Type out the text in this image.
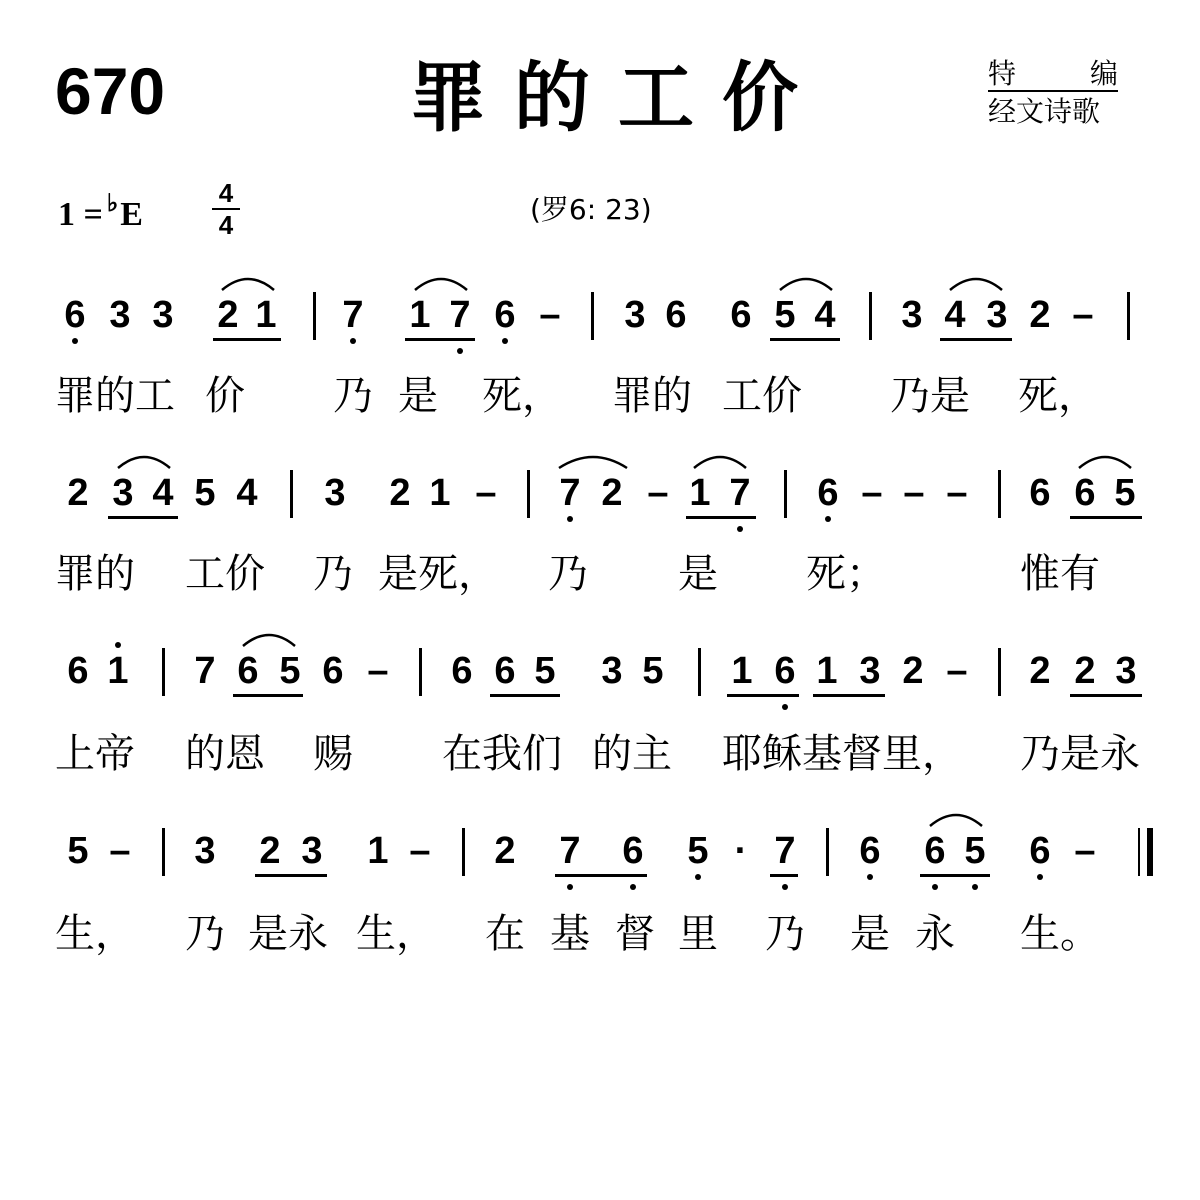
670	罪的工价	特	编
经文诗歌
1 = ♭E	$\frac{4}{4}$	(罗6: 23)
6 3 3 2 1 7 1 7 6 – 3 6 6 5 4 3 4 3 2 –
罪的工 价 乃 是 死， 罪的 工价 乃是 死，
2 3 4 5 4 3 2 1 – 7 2 – 1 7 6 – – – 6 6 5
罪的 工价 乃 是死， 乃 是 死；	惟有
6 1 7 6 5 6 – 6 6 5 3 5 1 6 1 3 2 – 2 2 3
上帝 的恩 赐 在我们 的主 耶稣基督里， 乃是永
5 – 3 2 3 1 – 2 7 6 5 · 7 6 6 5 6 –
生， 乃 是永 生， 在 基 督 里 乃 是 永 生。
